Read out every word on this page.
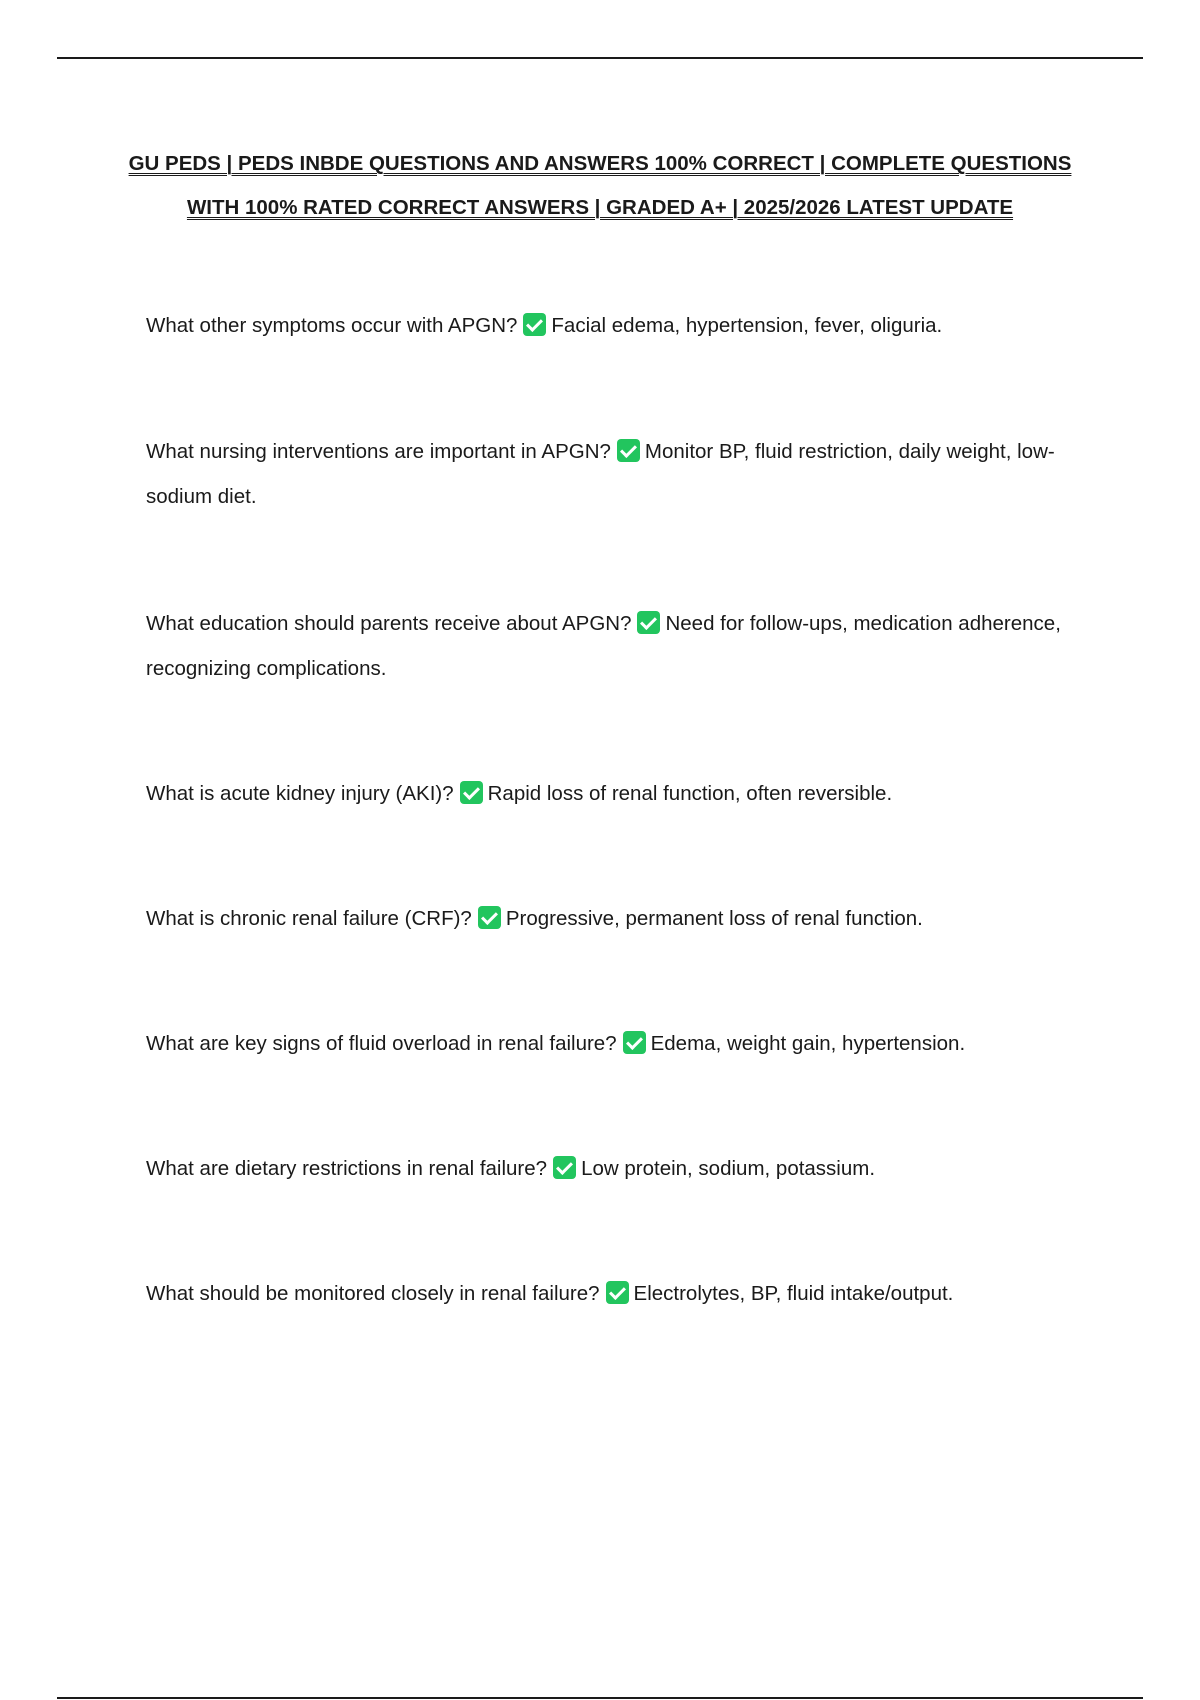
GU PEDS | PEDS INBDE QUESTIONS AND ANSWERS 100% CORRECT | COMPLETE QUESTIONS
WITH 100% RATED CORRECT ANSWERS | GRADED A+ | 2025/2026 LATEST UPDATE

What other symptoms occur with APGN? Facial edema, hypertension, fever, oliguria.

What nursing interventions are important in APGN? Monitor BP, fluid restriction, daily weight, low-sodium diet.

What education should parents receive about APGN? Need for follow-ups, medication adherence, recognizing complications.

What is acute kidney injury (AKI)? Rapid loss of renal function, often reversible.

What is chronic renal failure (CRF)? Progressive, permanent loss of renal function.

What are key signs of fluid overload in renal failure? Edema, weight gain, hypertension.

What are dietary restrictions in renal failure? Low protein, sodium, potassium.

What should be monitored closely in renal failure? Electrolytes, BP, fluid intake/output.
